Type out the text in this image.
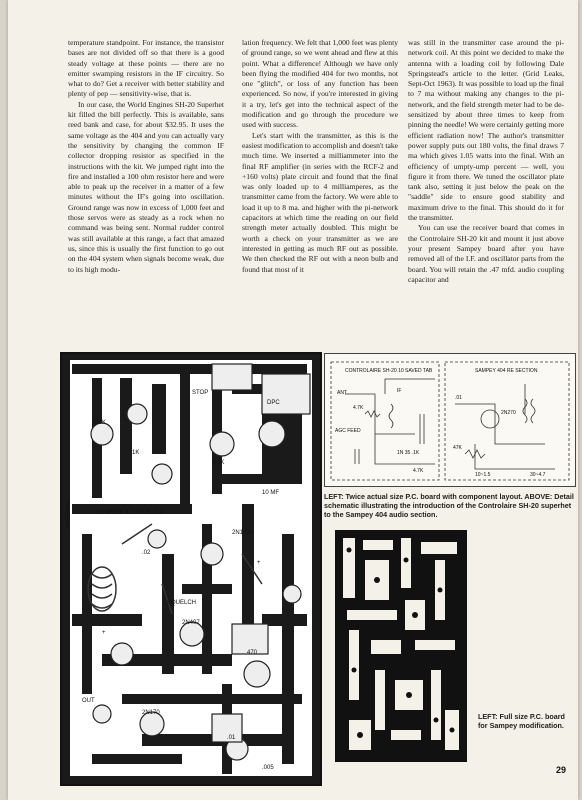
temperature standpoint. For instance, the transistor bases are not divided off so that there is a good steady voltage at these points — there are no emitter swamping resistors in the IF circuitry. So what to do? Get a receiver with better stability and plenty of pep — sensitivity-wise, that is.

In our case, the World Engines SH-20 Superhet kit filled the bill perfectly. This is available, sans reed bank and case, for about $32.95. It uses the same voltage as the 404 and you can actually vary the sensitivity by changing the common IF collector dropping resistor as specified in the instructions with the kit. We jumped right into the fire and installed a 100 ohm resistor here and were able to peak up the receiver in a matter of a few minutes without the IF's going into oscillation. Ground range was now in excess of 1,000 feet and those servos were as steady as a rock when no command was being sent. Normal rudder control was still available at this range, a fact that amazed us, since this is usually the first function to go out on the 404 system when signals become weak, due to its high modu-

lation frequency. We felt that 1,000 feet was plenty of ground range, so we went ahead and flew at this point. What a difference! Although we have only been flying the modified 404 for two months, not one "glitch", or loss of any function has been experienced. So now, if you're interested in giving it a try, let's get into the technical aspect of the modification and go through the procedure we used with success.

Let's start with the transmitter, as this is the easiest modification to accomplish and doesn't take much time. We inserted a milliammeter into the final RF amplifier (in series with the RCF-2 and +160 volts) plate circuit and found that the final was only loaded up to 4 milliamperes, as the transmitter came from the factory. We were able to load it up to 8 ma. and higher with the pi-network capacitors at which time the reading on our field strength meter actually doubled. This might be worth a check on your transmitter as we are interested in getting as much RF out as possible. We then checked the RF out with a neon bulb and found that most of it

was still in the transmitter case around the pi-network coil. At this point we decided to make the antenna with a loading coil by following Dale Springstead's article to the letter. (Grid Leaks, Sept-Oct 1963). It was possible to load up the final to 7 ma without making any changes to the pi-network, and the field strength meter had to be de-sensitized by about three times to keep from pinning the needle! We were certainly getting more efficient radiation now! The author's transmitter power supply puts out 180 volts, the final draws 7 ma which gives 1.05 watts into the final. With an efficiency of umpty-ump percent — well, you figure it from there. We tuned the oscillator plate tank also, setting it just below the peak on the "saddle" side to ensure good stability and maximum drive to the final. This should do it for the transmitter.

You can use the receiver board that comes in the Controlaire SH-20 kit and mount it just above your present Sampey board after you have removed all of the I.F. and oscillator parts from the board. You will retain the .47 mfd. audio coupling capacitor and

ANTENNA	10 DRIVE 4 TURNS TAP
STOP
DPC
100K
1K
4.7K
.02
10 MF
2N1097
2N407
OUT
+
+
SQUELCH
470
2N170
.01
.005
CONTROLAIRE SH-20 10 SAVED TAB	SAMPEY 404 RE SECTION
4.7K
ANT
AGC FEED
IF
1N 35 .1K
2N270
.01
47K
4.7K
10~1.5	30~4.7
LEFT: Twice actual size P.C. board with component layout. ABOVE: Detail schematic illustrating the introduction of the Controlaire SH-20 superhet to the Sampey 404 audio section.
LEFT: Full size P.C. board for Sampey modification.
29
